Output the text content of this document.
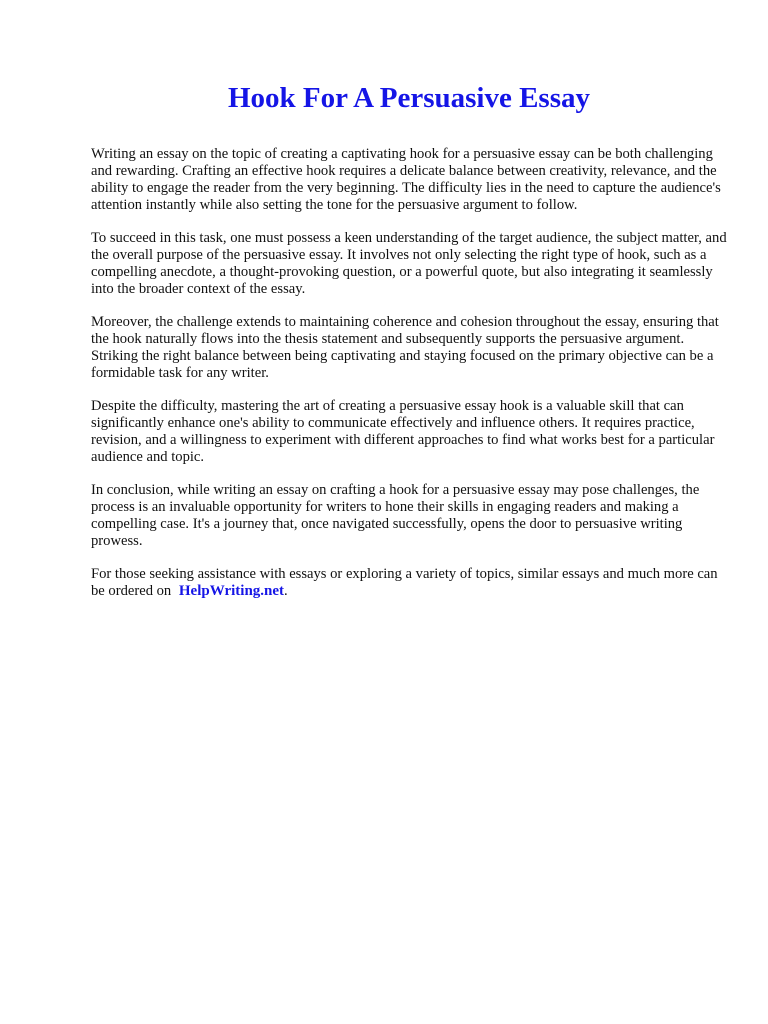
Hook For A Persuasive Essay

Writing an essay on the topic of creating a captivating hook for a persuasive essay can be both challenging and rewarding. Crafting an effective hook requires a delicate balance between creativity, relevance, and the ability to engage the reader from the very beginning. The difficulty lies in the need to capture the audience's attention instantly while also setting the tone for the persuasive argument to follow.

To succeed in this task, one must possess a keen understanding of the target audience, the subject matter, and the overall purpose of the persuasive essay. It involves not only selecting the right type of hook, such as a compelling anecdote, a thought-provoking question, or a powerful quote, but also integrating it seamlessly into the broader context of the essay.

Moreover, the challenge extends to maintaining coherence and cohesion throughout the essay, ensuring that the hook naturally flows into the thesis statement and subsequently supports the persuasive argument. Striking the right balance between being captivating and staying focused on the primary objective can be a formidable task for any writer.

Despite the difficulty, mastering the art of creating a persuasive essay hook is a valuable skill that can significantly enhance one's ability to communicate effectively and influence others. It requires practice, revision, and a willingness to experiment with different approaches to find what works best for a particular audience and topic.

In conclusion, while writing an essay on crafting a hook for a persuasive essay may pose challenges, the process is an invaluable opportunity for writers to hone their skills in engaging readers and making a compelling case. It's a journey that, once navigated successfully, opens the door to persuasive writing prowess.

For those seeking assistance with essays or exploring a variety of topics, similar essays and much more can be ordered on HelpWriting.net.
